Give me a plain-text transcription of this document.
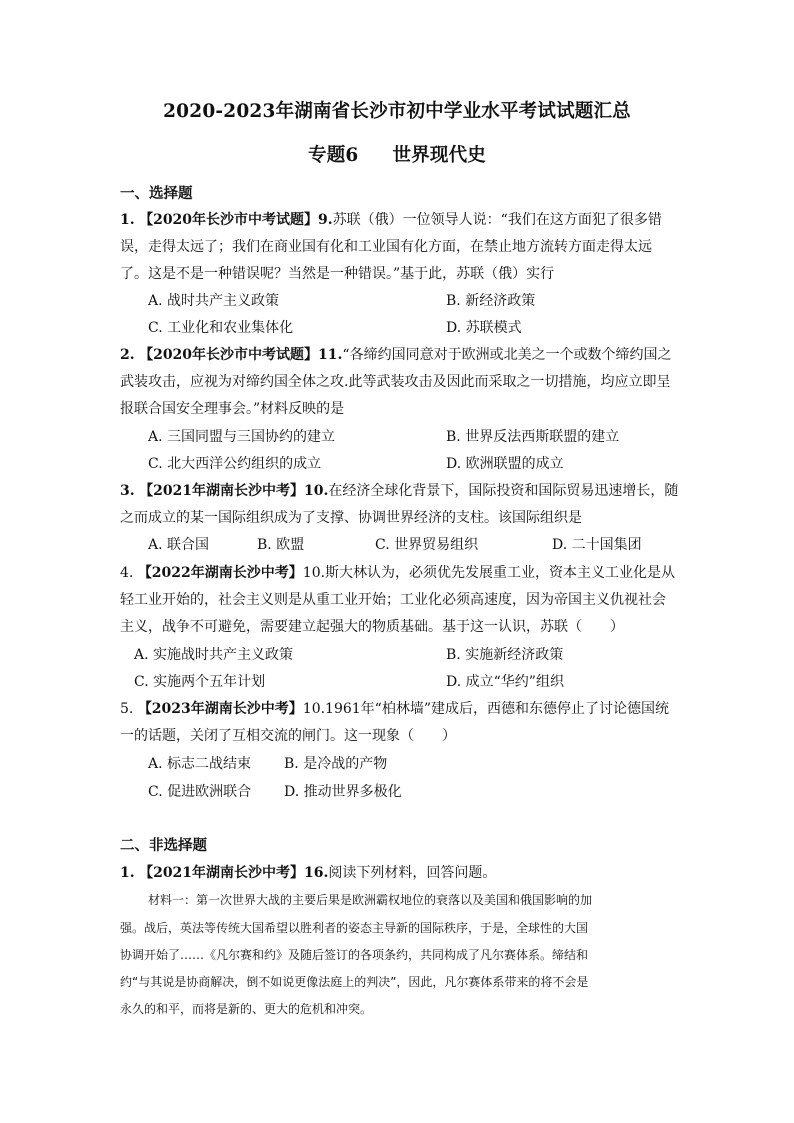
2020-2023年湖南省长沙市初中学业水平考试试题汇总
专题6 世界现代史
一、选择题
1. 【2020年长沙市中考试题】9.苏联（俄）一位领导人说：“我们在这方面犯了很多错
误，走得太远了；我们在商业国有化和工业国有化方面，在禁止地方流转方面走得太远
了。这是不是一种错误呢？当然是一种错误。”基于此，苏联（俄）实行
A. 战时共产主义政策	B. 新经济政策
C. 工业化和农业集体化	D. 苏联模式
2. 【2020年长沙市中考试题】11.“各缔约国同意对于欧洲或北美之一个或数个缔约国之
武装攻击，应视为对缔约国全体之攻.此等武装攻击及因此而采取之一切措施，均应立即呈
报联合国安全理事会。”材料反映的是
A. 三国同盟与三国协约的建立	B. 世界反法西斯联盟的建立
C. 北大西洋公约组织的成立	D. 欧洲联盟的成立
3. 【2021年湖南长沙中考】10.在经济全球化背景下，国际投资和国际贸易迅速增长，随
之而成立的某一国际组织成为了支撑、协调世界经济的支柱。该国际组织是
A. 联合国	B. 欧盟	C. 世界贸易组织	D. 二十国集团
4. 【2022年湖南长沙中考】10.斯大林认为，必须优先发展重工业，资本主义工业化是从
轻工业开始的，社会主义则是从重工业开始；工业化必须高速度，因为帝国主义仇视社会
主义，战争不可避免，需要建立起强大的物质基础。基于这一认识，苏联（　　）
A. 实施战时共产主义政策	B. 实施新经济政策
C. 实施两个五年计划	D. 成立“华约”组织
5. 【2023年湖南长沙中考】10.1961年“柏林墙”建成后，西德和东德停止了讨论德国统
一的话题，关闭了互相交流的闸门。这一现象（　　）
A. 标志二战结束 B. 是冷战的产物
C. 促进欧洲联合 D. 推动世界多极化
二、非选择题
1. 【2021年湖南长沙中考】16.阅读下列材料，回答问题。
材料一：第一次世界大战的主要后果是欧洲霸权地位的衰落以及美国和俄国影响的加
强。战后，英法等传统大国希望以胜利者的姿态主导新的国际秩序，于是，全球性的大国
协调开始了……《凡尔赛和约》及随后签订的各项条约，共同构成了凡尔赛体系。缔结和
约“与其说是协商解决，倒不如说更像法庭上的判决”，因此，凡尔赛体系带来的将不会是
永久的和平，而将是新的、更大的危机和冲突。
